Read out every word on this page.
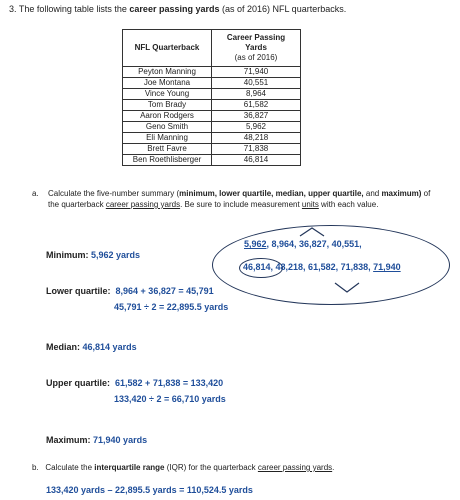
3. The following table lists the career passing yards (as of 2016) NFL quarterbacks.
NFL Quarterback	Career Passing Yards
(as of 2016)
Peyton Manning	71,940
Joe Montana	40,551
Vince Young	8,964
Tom Brady	61,582
Aaron Rodgers	36,827
Geno Smith	5,962
Eli Manning	48,218
Brett Favre	71,838
Ben Roethlisberger	46,814
a. Calculate the five-number summary (minimum, lower quartile, median, upper quartile, and maximum) of the quarterback career passing yards. Be sure to include measurement units with each value.
5,962, 8,964, 36,827, 40,551,
46,814, 48,218, 61,582, 71,838, 71,940
Minimum: 5,962 yards
Lower quartile: 8,964 + 36,827 = 45,791
45,791 ÷ 2 = 22,895.5 yards
Median: 46,814 yards
Upper quartile: 61,582 + 71,838 = 133,420
133,420 ÷ 2 = 66,710 yards
Maximum: 71,940 yards
b. Calculate the interquartile range (IQR) for the quarterback career passing yards.
133,420 yards – 22,895.5 yards = 110,524.5 yards
